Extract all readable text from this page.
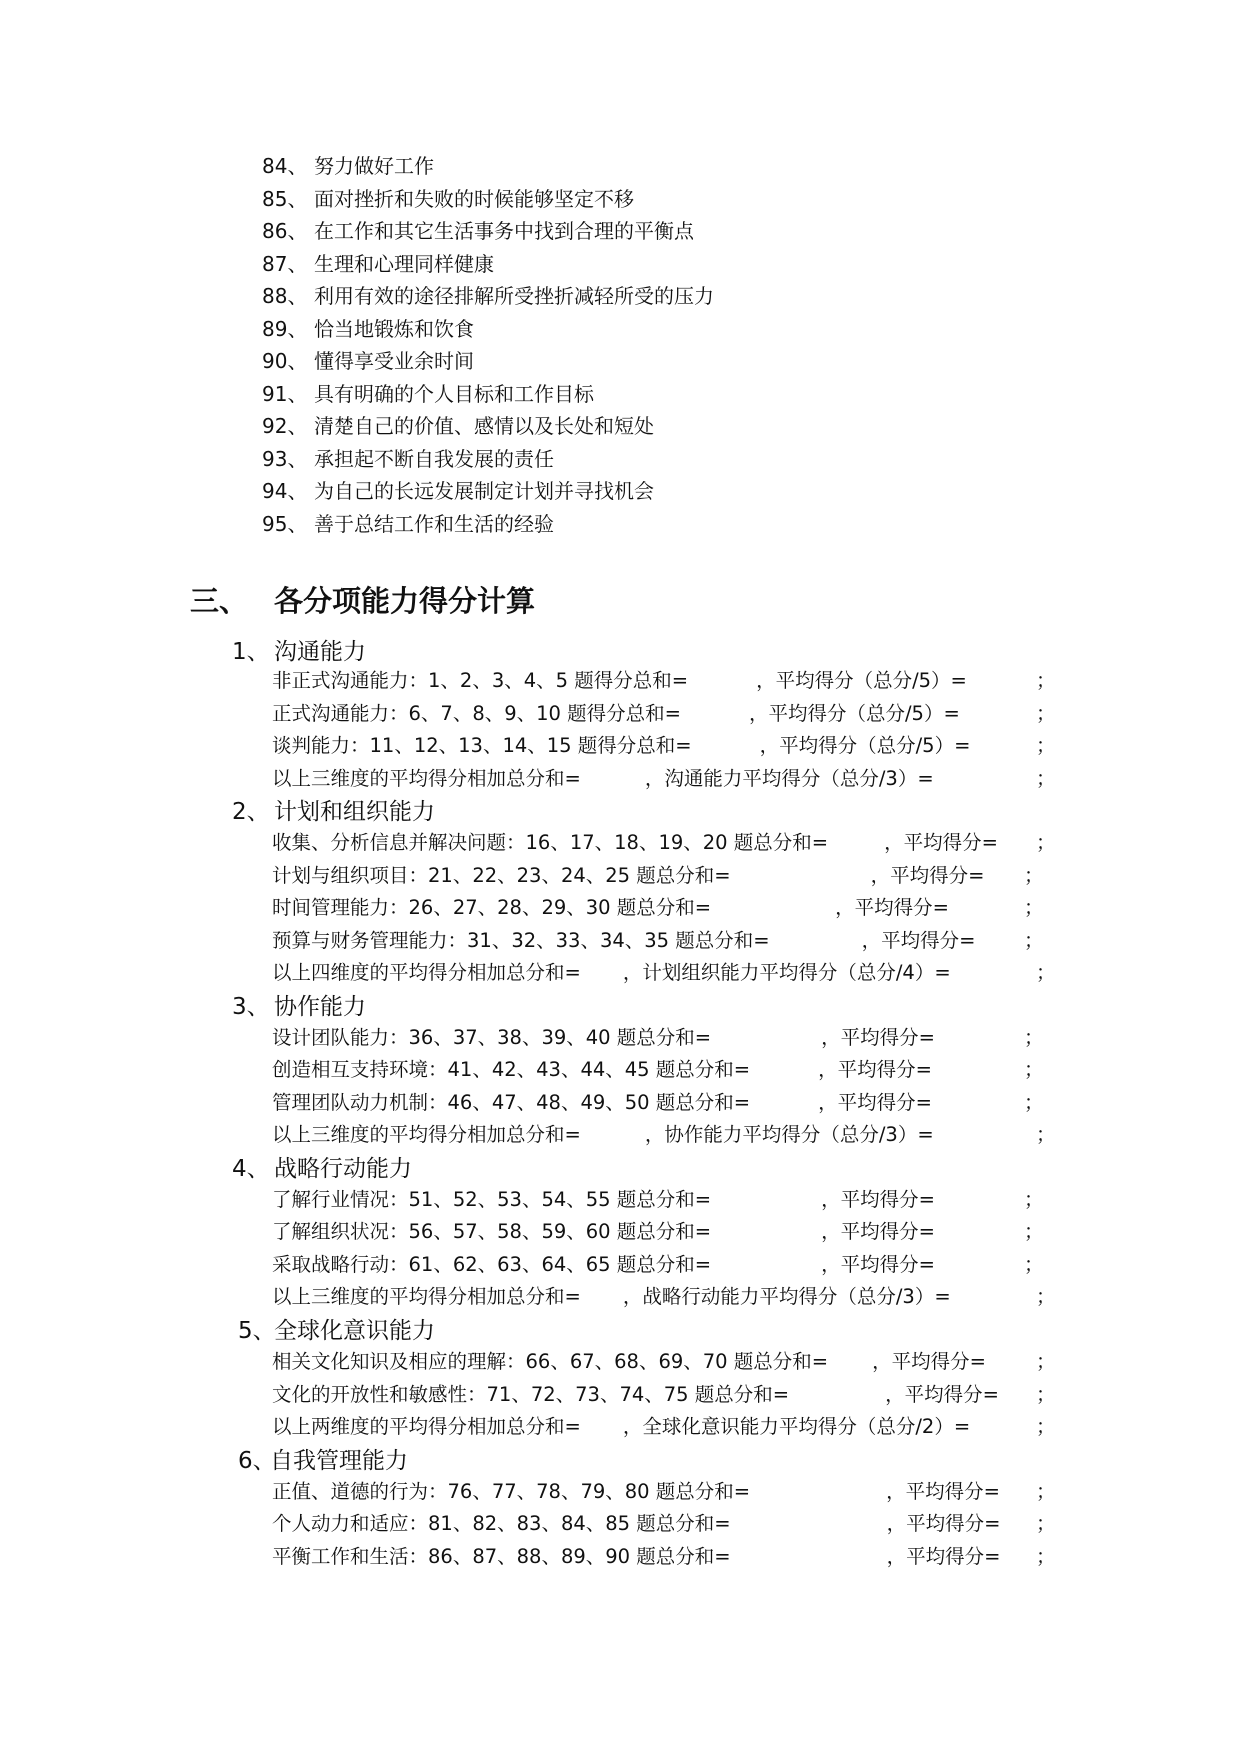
84、 努力做好工作
85、 面对挫折和失败的时候能够坚定不移
86、 在工作和其它生活事务中找到合理的平衡点
87、 生理和心理同样健康
88、 利用有效的途径排解所受挫折减轻所受的压力
89、 恰当地锻炼和饮食
90、 懂得享受业余时间
91、 具有明确的个人目标和工作目标
92、 清楚自己的价值、感情以及长处和短处
93、 承担起不断自我发展的责任
94、 为自己的长远发展制定计划并寻找机会
95、 善于总结工作和生活的经验
三、 各分项能力得分计算
1、 沟通能力
非正式沟通能力：1、2、3、4、5 题得分总和=	，平均得分（总分/5）=	；
正式沟通能力：6、7、8、9、10 题得分总和=	，平均得分（总分/5）=	；
谈判能力：11、12、13、14、15 题得分总和=	，平均得分（总分/5）=	；
以上三维度的平均得分相加总分和=	，沟通能力平均得分（总分/3）=	；
2、 计划和组织能力
收集、分析信息并解决问题：16、17、18、19、20 题总分和=	，平均得分= ；
计划与组织项目：21、22、23、24、25 题总分和=	，平均得分= ；
时间管理能力：26、27、28、29、30 题总分和=	，平均得分=	；
预算与财务管理能力：31、32、33、34、35 题总分和=	，平均得分= ；
以上四维度的平均得分相加总分和= ，计划组织能力平均得分（总分/4）=	；
3、 协作能力
设计团队能力：36、37、38、39、40 题总分和=	，平均得分=	；
创造相互支持环境：41、42、43、44、45 题总分和=	，平均得分=	；
管理团队动力机制：46、47、48、49、50 题总分和=	，平均得分=	；
以上三维度的平均得分相加总分和=	，协作能力平均得分（总分/3）=	；
4、 战略行动能力
了解行业情况：51、52、53、54、55 题总分和=	，平均得分=	；
了解组织状况：56、57、58、59、60 题总分和=	，平均得分=	；
采取战略行动：61、62、63、64、65 题总分和=	，平均得分=	；
以上三维度的平均得分相加总分和= ，战略行动能力平均得分（总分/3）=	；
5、全球化意识能力
相关文化知识及相应的理解：66、67、68、69、70 题总分和= ，平均得分=	；
文化的开放性和敏感性：71、72、73、74、75 题总分和=	，平均得分= ；
以上两维度的平均得分相加总分和= ，全球化意识能力平均得分（总分/2）=	；
6、自我管理能力
正值、道德的行为：76、77、78、79、80 题总分和=	，平均得分= ；
个人动力和适应：81、82、83、84、85 题总分和=	，平均得分= ；
平衡工作和生活：86、87、88、89、90 题总分和=	，平均得分= ；
